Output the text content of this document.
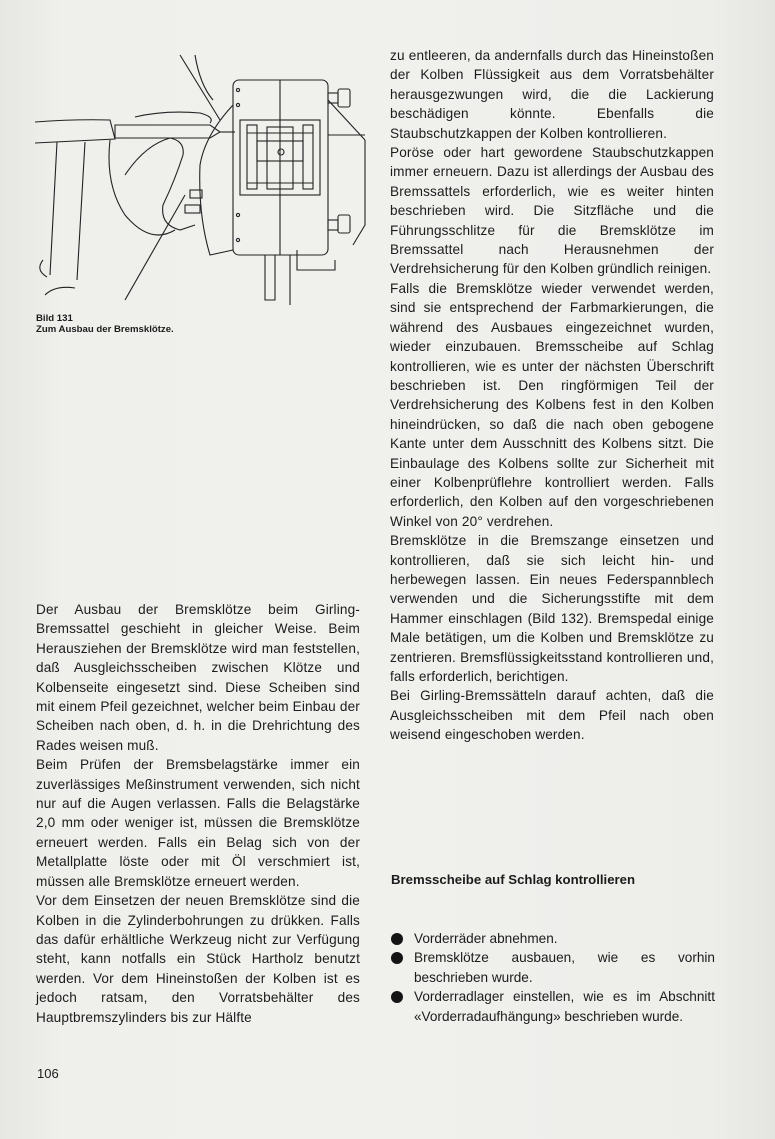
Bild 131
Zum Ausbau der Bremsklötze.

Der Ausbau der Bremsklötze beim Girling-Bremssattel geschieht in gleicher Weise. Beim Herausziehen der Bremsklötze wird man feststellen, daß Ausgleichsscheiben zwischen Klötze und Kolbenseite eingesetzt sind. Diese Scheiben sind mit einem Pfeil gezeichnet, welcher beim Einbau der Scheiben nach oben, d. h. in die Drehrichtung des Rades weisen muß.

Beim Prüfen der Bremsbelagstärke immer ein zuverlässiges Meßinstrument verwenden, sich nicht nur auf die Augen verlassen. Falls die Belagstärke 2,0 mm oder weniger ist, müssen die Bremsklötze erneuert werden. Falls ein Belag sich von der Metallplatte löste oder mit Öl verschmiert ist, müssen alle Bremsklötze erneuert werden.

Vor dem Einsetzen der neuen Bremsklötze sind die Kolben in die Zylinderbohrungen zu drükken. Falls das dafür erhältliche Werkzeug nicht zur Verfügung steht, kann notfalls ein Stück Hartholz benutzt werden. Vor dem Hineinstoßen der Kolben ist es jedoch ratsam, den Vorratsbehälter des Hauptbremszylinders bis zur Hälfte

zu entleeren, da andernfalls durch das Hineinstoßen der Kolben Flüssigkeit aus dem Vorratsbehälter herausgezwungen wird, die die Lackierung beschädigen könnte. Ebenfalls die Staubschutzkappen der Kolben kontrollieren.

Poröse oder hart gewordene Staubschutzkappen immer erneuern. Dazu ist allerdings der Ausbau des Bremssattels erforderlich, wie es weiter hinten beschrieben wird. Die Sitzfläche und die Führungsschlitze für die Bremsklötze im Bremssattel nach Herausnehmen der Verdrehsicherung für den Kolben gründlich reinigen.

Falls die Bremsklötze wieder verwendet werden, sind sie entsprechend der Farbmarkierungen, die während des Ausbaues eingezeichnet wurden, wieder einzubauen. Bremsscheibe auf Schlag kontrollieren, wie es unter der nächsten Überschrift beschrieben ist. Den ringförmigen Teil der Verdrehsicherung des Kolbens fest in den Kolben hineindrücken, so daß die nach oben gebogene Kante unter dem Ausschnitt des Kolbens sitzt. Die Einbaulage des Kolbens sollte zur Sicherheit mit einer Kolbenprüflehre kontrolliert werden. Falls erforderlich, den Kolben auf den vorgeschriebenen Winkel von 20° verdrehen.

Bremsklötze in die Bremszange einsetzen und kontrollieren, daß sie sich leicht hin- und herbewegen lassen. Ein neues Federspannblech verwenden und die Sicherungsstifte mit dem Hammer einschlagen (Bild 132). Bremspedal einige Male betätigen, um die Kolben und Bremsklötze zu zentrieren. Bremsflüssigkeitsstand kontrollieren und, falls erforderlich, berichtigen.

Bei Girling-Bremssätteln darauf achten, daß die Ausgleichsscheiben mit dem Pfeil nach oben weisend eingeschoben werden.

Bremsscheibe auf Schlag kontrollieren
Vorderräder abnehmen.
Bremsklötze ausbauen, wie es vorhin beschrieben wurde.
Vorderradlager einstellen, wie es im Abschnitt «Vorderradaufhängung» beschrieben wurde.
106
